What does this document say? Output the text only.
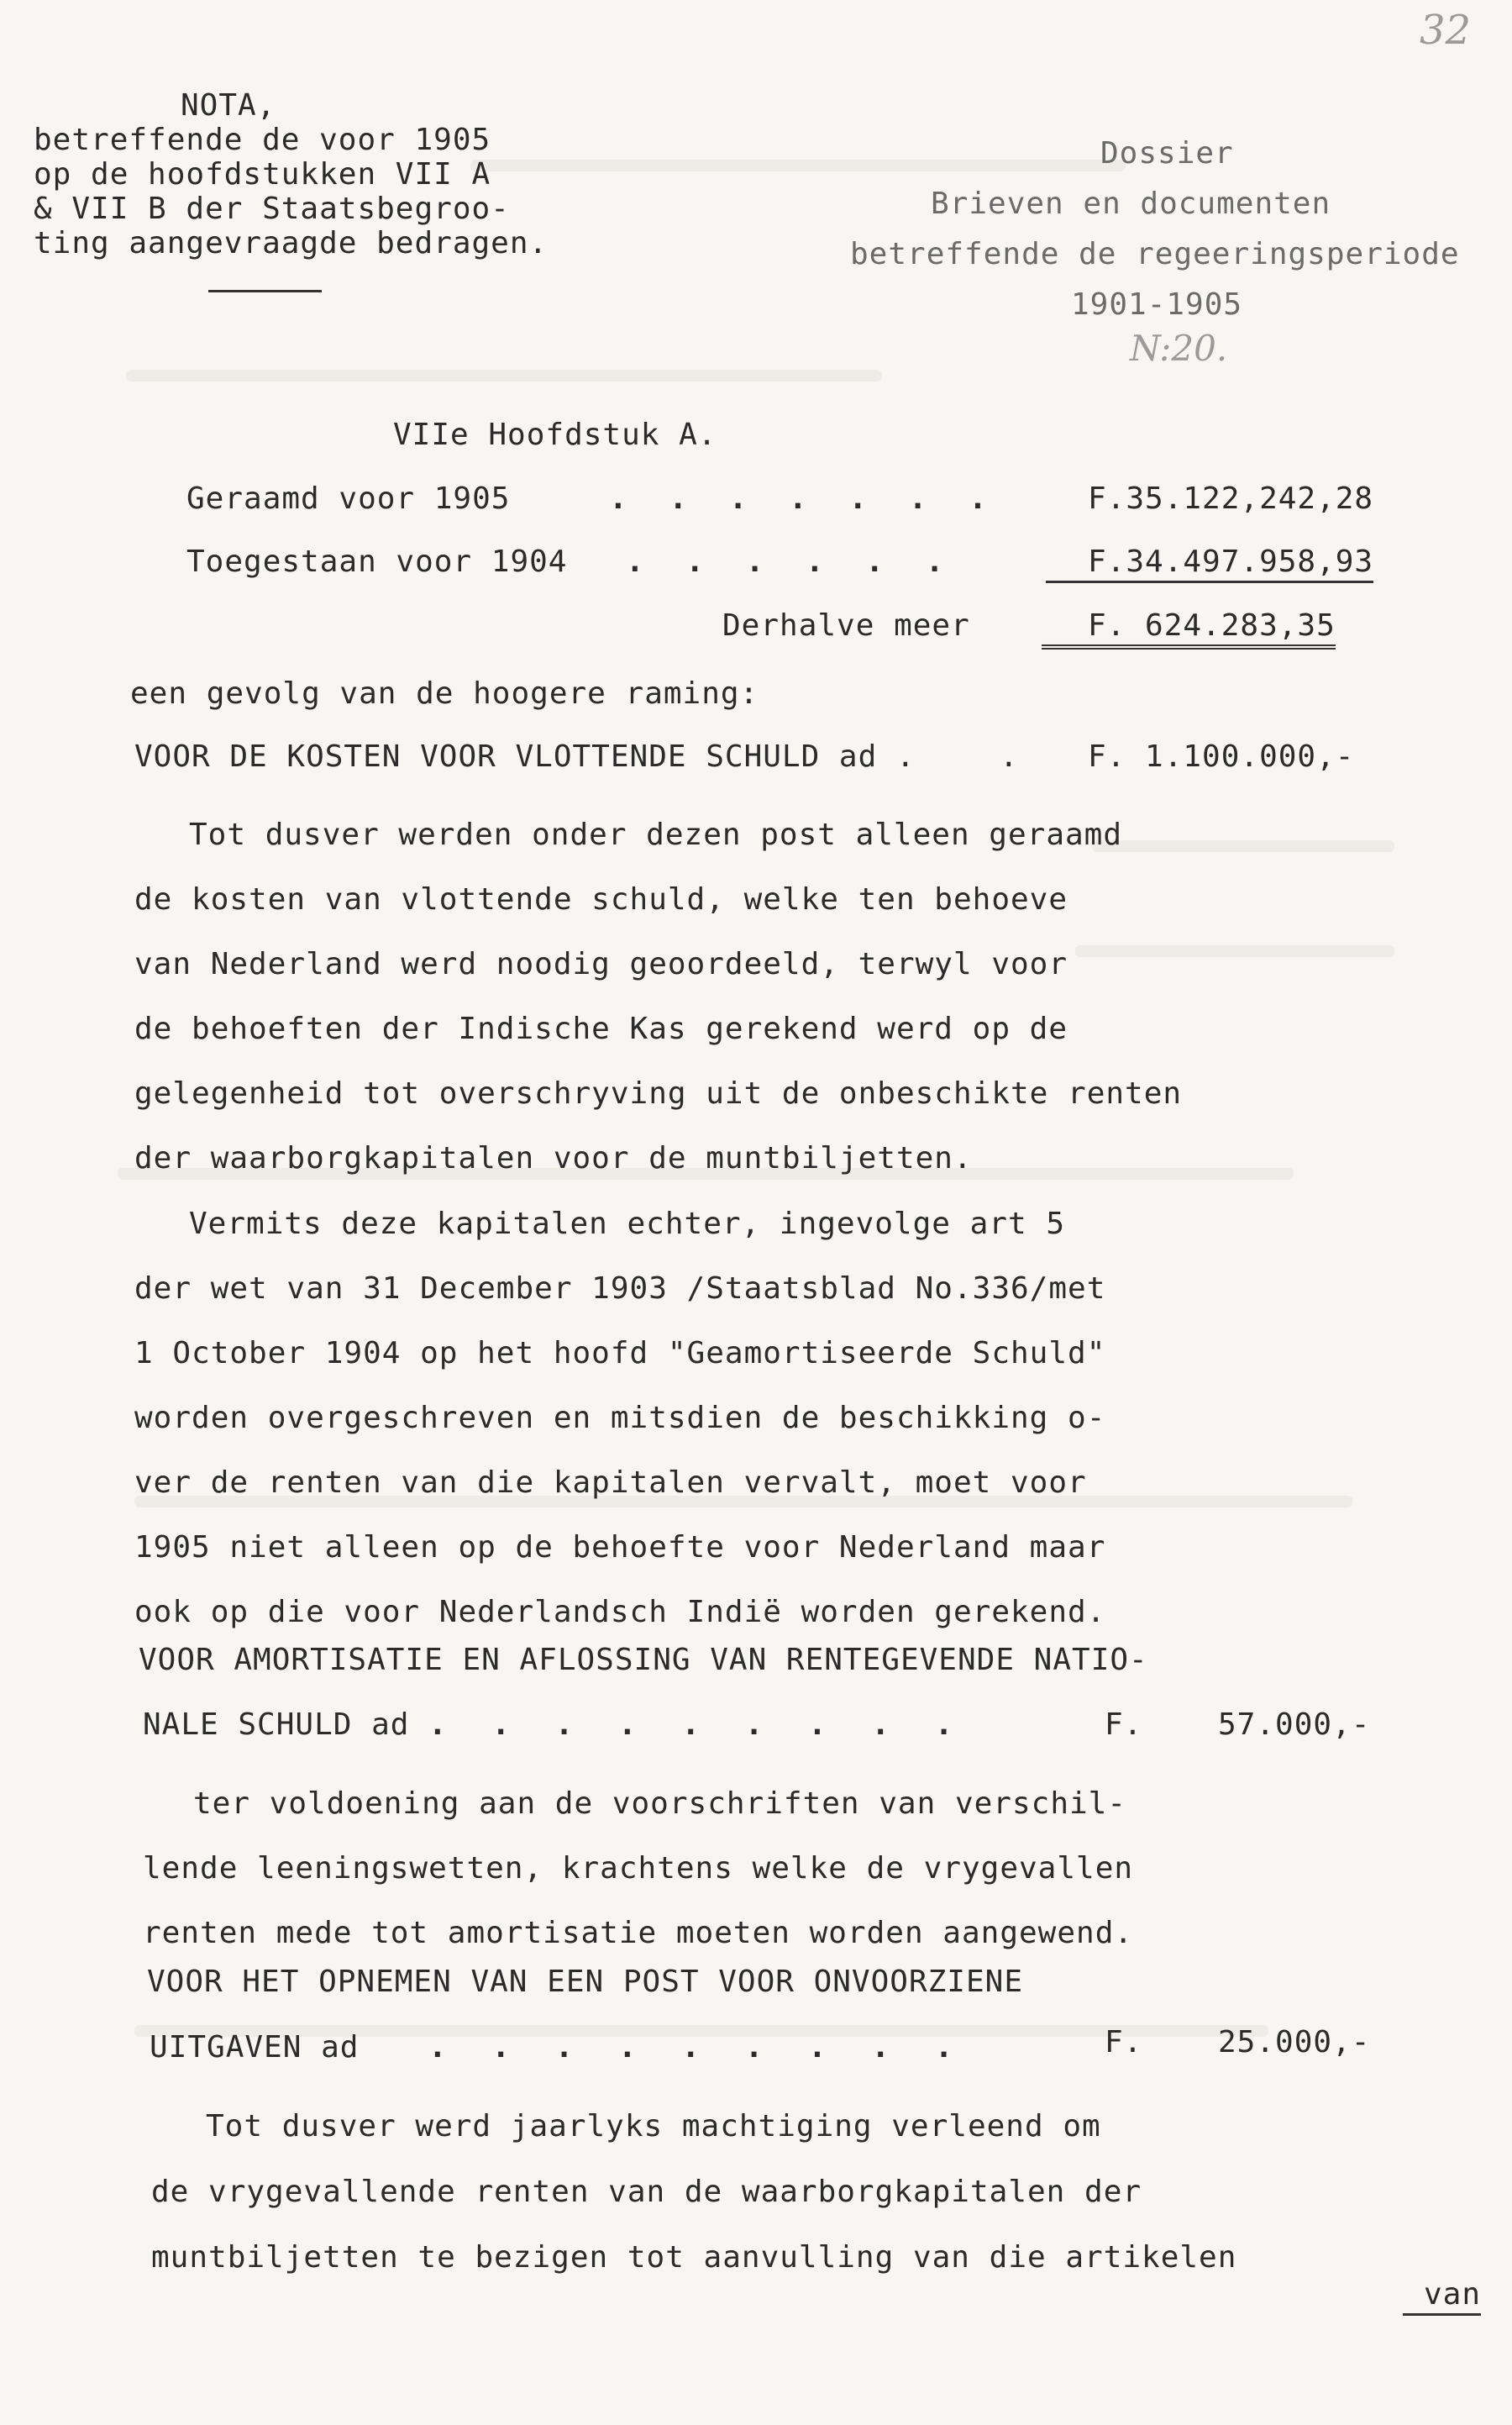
32
NOTA,
betreffende de voor 1905
op de hoofdstukken VII A
& VII B der Staatsbegroo-
ting aangevraagde bedragen.
Dossier
Brieven en documenten
betreffende de regeeringsperiode
1901-1905
N:20.
VIIe Hoofdstuk A.
Geraamd voor 1905	. . . . . . .	F.35.122,242,28
Toegestaan voor 1904 . . . . . .	F.34.497.958,93
Derhalve meer	F. 624.283,35
een gevolg van de hoogere raming:
VOOR DE KOSTEN VOOR VLOTTENDE SCHULD ad .	. F. 1.100.000,-
Tot dusver werden onder dezen post alleen geraamd
de kosten van vlottende schuld, welke ten behoeve
van Nederland werd noodig geoordeeld, terwyl voor
de behoeften der Indische Kas gerekend werd op de
gelegenheid tot overschryving uit de onbeschikte renten
der waarborgkapitalen voor de muntbiljetten.
Vermits deze kapitalen echter, ingevolge art 5
der wet van 31 December 1903 /Staatsblad No.336/met
1 October 1904 op het hoofd "Geamortiseerde Schuld"
worden overgeschreven en mitsdien de beschikking o-
ver de renten van die kapitalen vervalt, moet voor
1905 niet alleen op de behoefte voor Nederland maar
ook op die voor Nederlandsch Indië worden gerekend.
VOOR AMORTISATIE EN AFLOSSING VAN RENTEGEVENDE NATIO-
NALE SCHULD ad . . . . . . . . .	F. 57.000,-
ter voldoening aan de voorschriften van verschil-
lende leeningswetten, krachtens welke de vrygevallen
renten mede tot amortisatie moeten worden aangewend.
VOOR HET OPNEMEN VAN EEN POST VOOR ONVOORZIENE
UITGAVEN ad . . . . . . . . .	F. 25.000,-
Tot dusver werd jaarlyks machtiging verleend om
de vrygevallende renten van de waarborgkapitalen der
muntbiljetten te bezigen tot aanvulling van die artikelen
van
